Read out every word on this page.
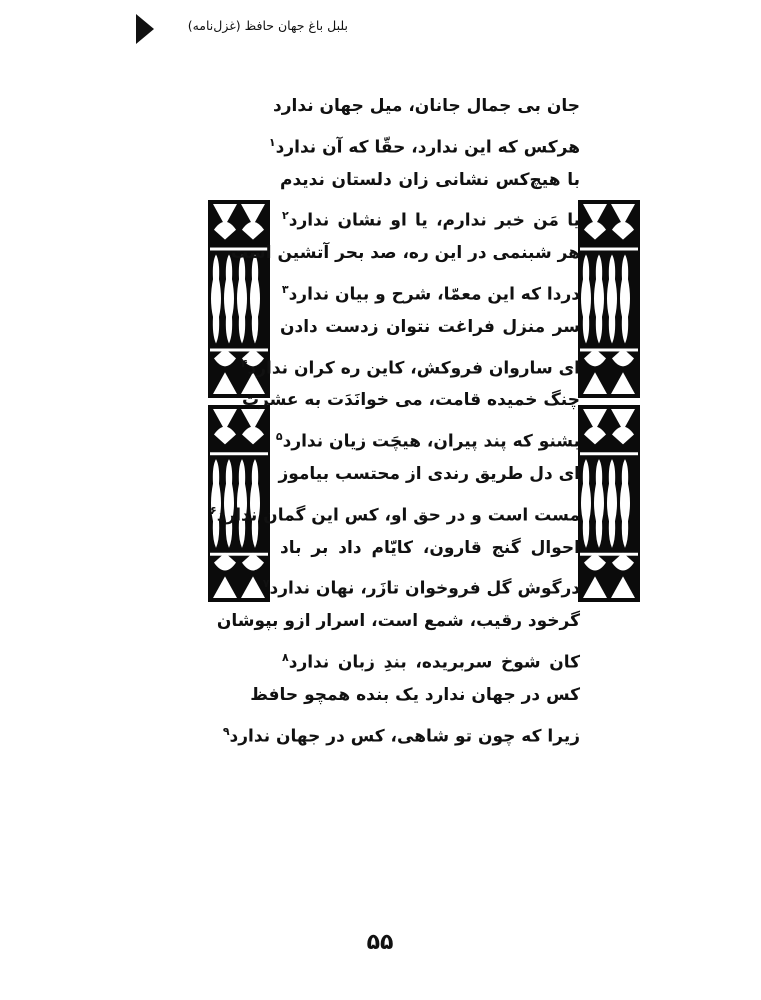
بلبل باغ جهان حافظ (غزل‌نامه)
جان بی جمال جانان، میل جهان ندارد
هرکس که این ندارد، حقّا که آن ندارد$^۱$
با هیچ‌کس نشانی زان دلستان ندیدم
یا مَن خبر ندارم، یا او نشان ندارد$^۲$
هر شبنمی در این ره، صد بحر آتشین است
دردا که این معمّا، شرح و بیان ندارد$^۳$
سر منزل فراغت نتوان زدست دادن
ای ساروان فروکش، کاین ره کران ندارد$^۴$
چنگ خمیده قامت، می خوانَدَت به عشرت
بشنو که پند پیران، هیچَت زیان ندارد$^۵$
ای دل طریق رندی از محتسب بیاموز
مست است و در حق او، کس این گمان ندارد$^۶$
احوال گنج قارون، کایّام داد بر باد
درگوش گل فروخوان تازَر، نهان ندارد$^۷$
گرخود رقیب، شمع است، اسرار ازو بپوشان
کان شوخ سربریده، بندِ زبان ندارد$^۸$
کس در جهان ندارد یک بنده همچو حافظ
زیرا که چون تو شاهی، کس در جهان ندارد$^۹$
۵۵
